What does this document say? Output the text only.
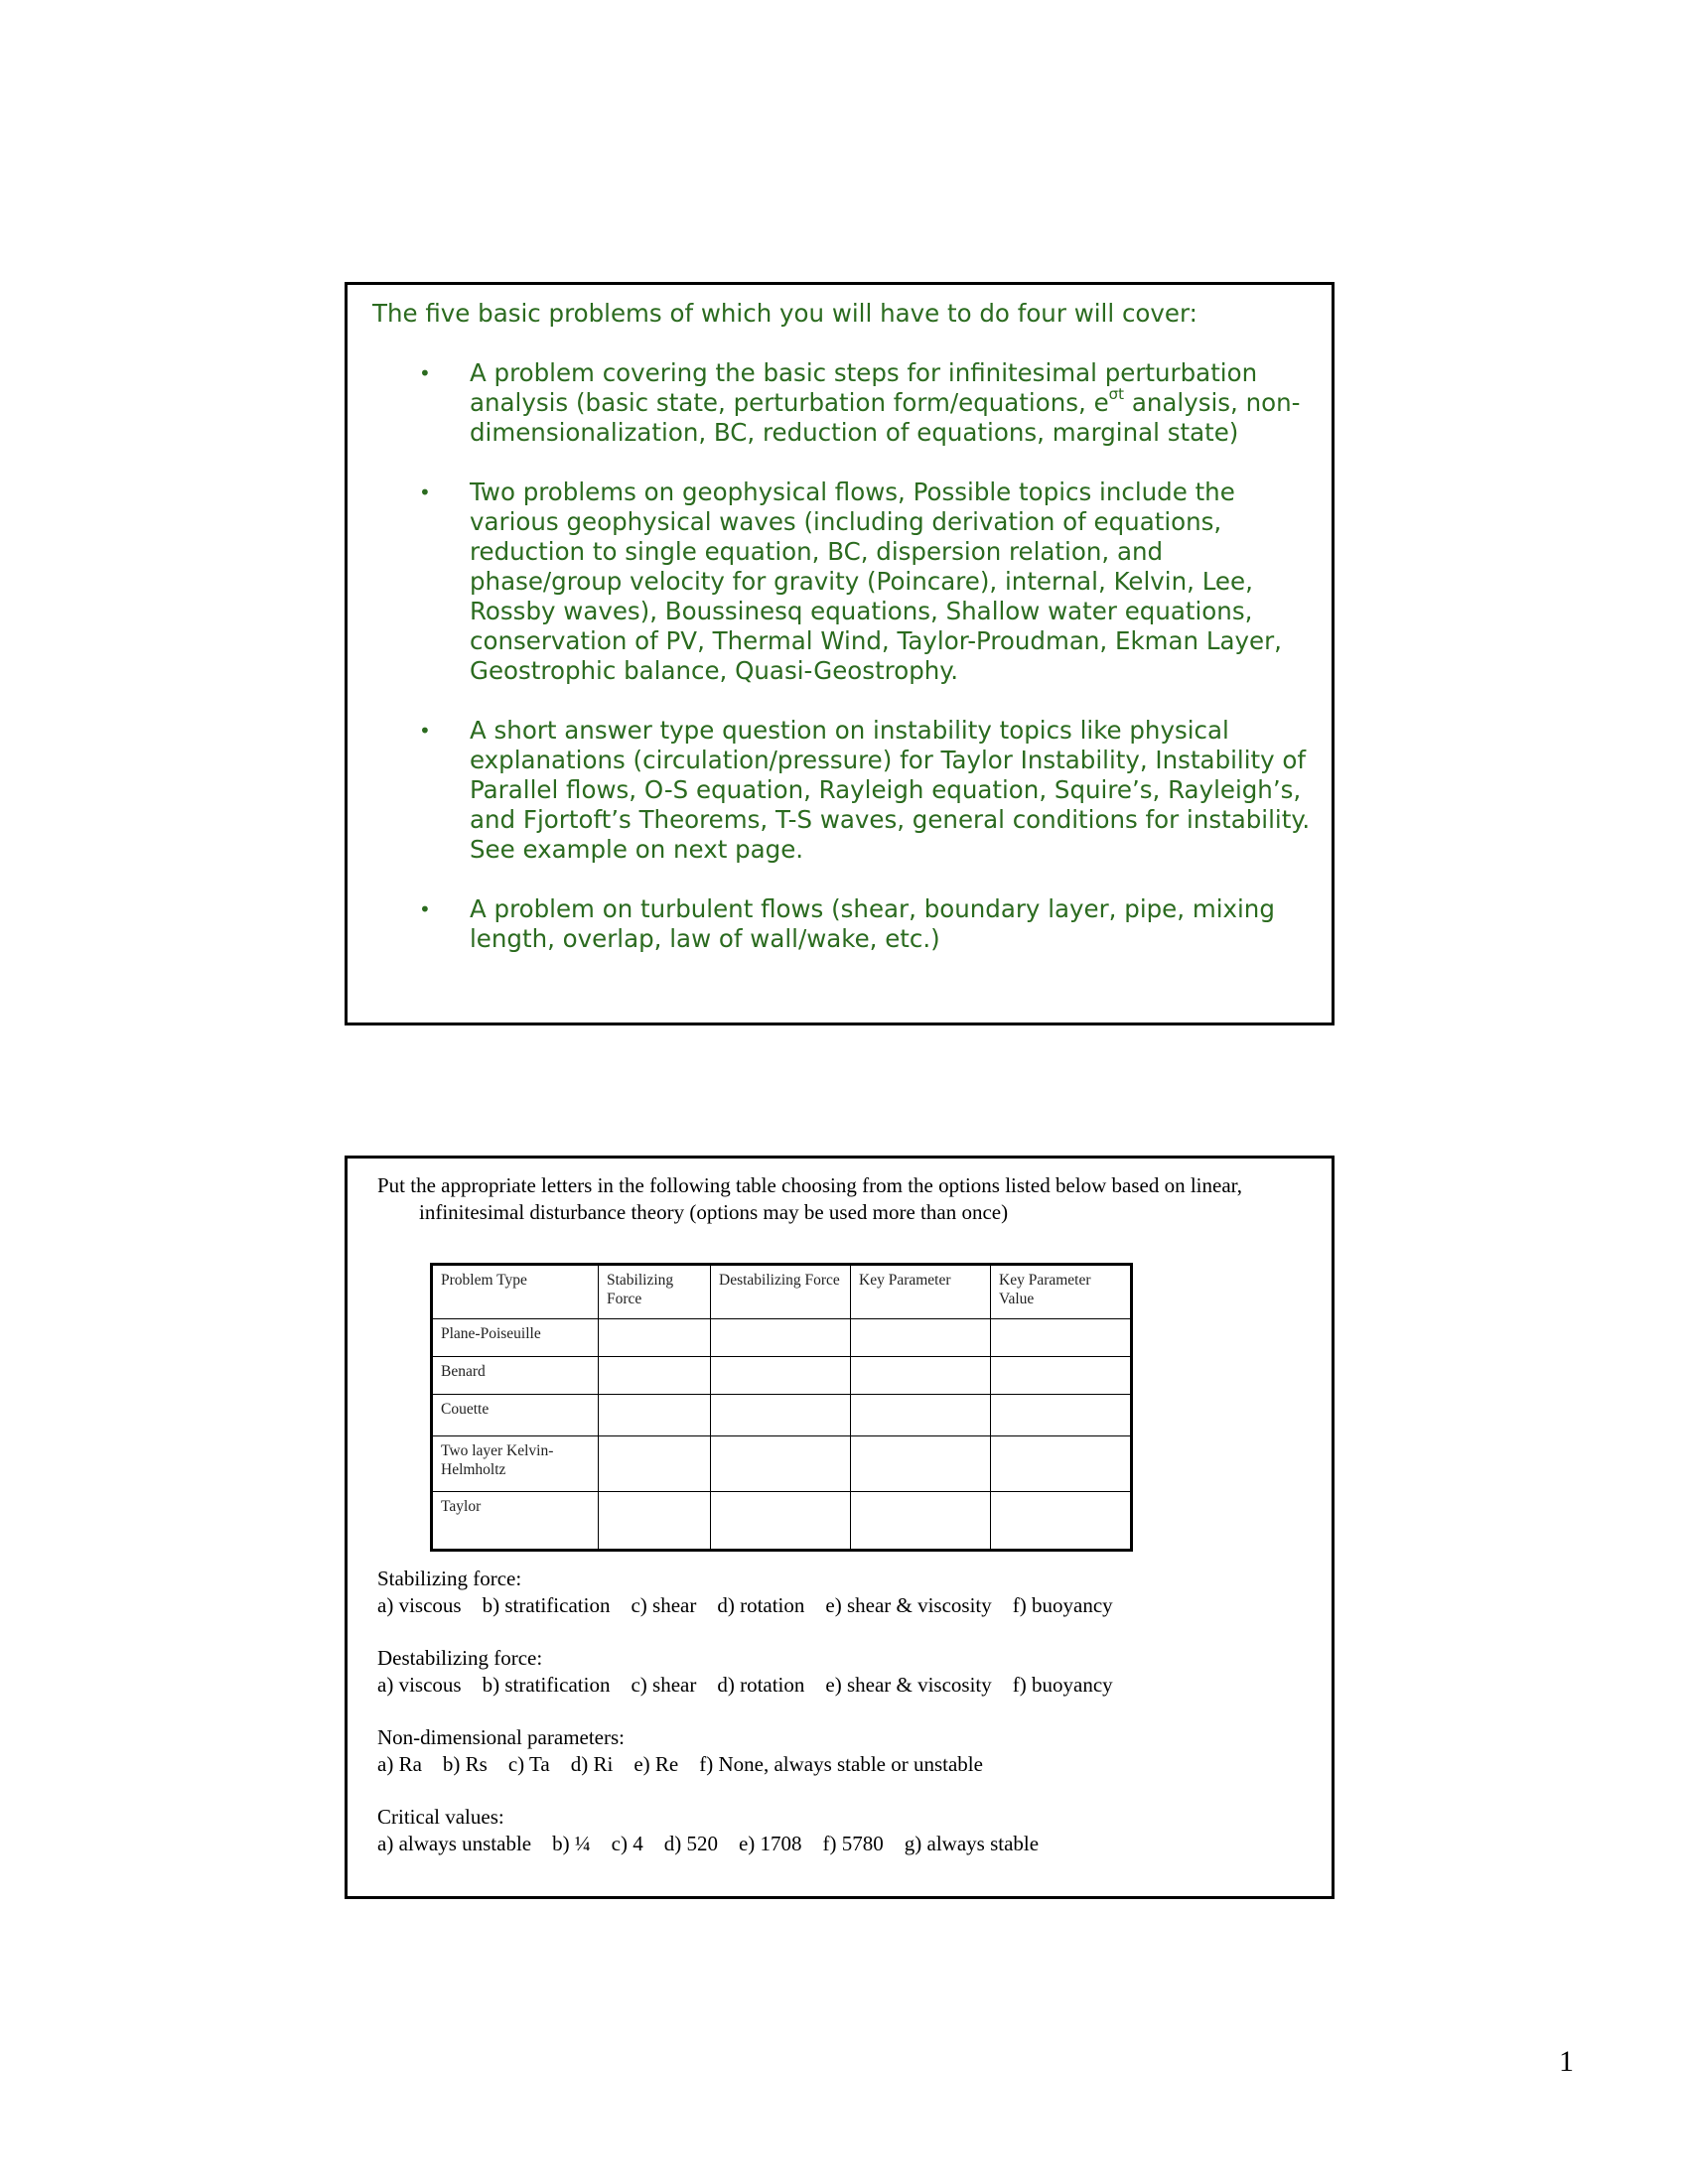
The five basic problems of which you will have to do four will cover:

• A problem covering the basic steps for infinitesimal perturbation analysis (basic state, perturbation form/equations, $e^{\sigma t}$ analysis, non-dimensionalization, BC, reduction of equations, marginal state)

• Two problems on geophysical flows, Possible topics include the various geophysical waves (including derivation of equations, reduction to single equation, BC, dispersion relation, and phase/group velocity for gravity (Poincare), internal, Kelvin, Lee, Rossby waves), Boussinesq equations, Shallow water equations, conservation of PV, Thermal Wind, Taylor-Proudman, Ekman Layer, Geostrophic balance, Quasi-Geostrophy.

• A short answer type question on instability topics like physical explanations (circulation/pressure) for Taylor Instability, Instability of Parallel flows, O-S equation, Rayleigh equation, Squire’s, Rayleigh’s, and Fjortoft’s Theorems, T-S waves, general conditions for instability. See example on next page.

• A problem on turbulent flows (shear, boundary layer, pipe, mixing length, overlap, law of wall/wake, etc.)

Put the appropriate letters in the following table choosing from the options listed below based on linear, infinitesimal disturbance theory (options may be used more than once)

Problem Type	Stabilizing Force	Destabilizing Force	Key Parameter	Key Parameter Value
Plane-Poiseuille				
Benard				
Couette				
Two layer Kelvin-Helmholtz				
Taylor				

Stabilizing force:

a) viscous b) stratification c) shear d) rotation e) shear & viscosity f) buoyancy

Destabilizing force:

a) viscous b) stratification c) shear d) rotation e) shear & viscosity f) buoyancy

Non-dimensional parameters:

a) Ra b) Rs c) Ta d) Ri e) Re f) None, always stable or unstable

Critical values:

a) always unstable b) ¼ c) 4 d) 520 e) 1708 f) 5780 g) always stable

1
